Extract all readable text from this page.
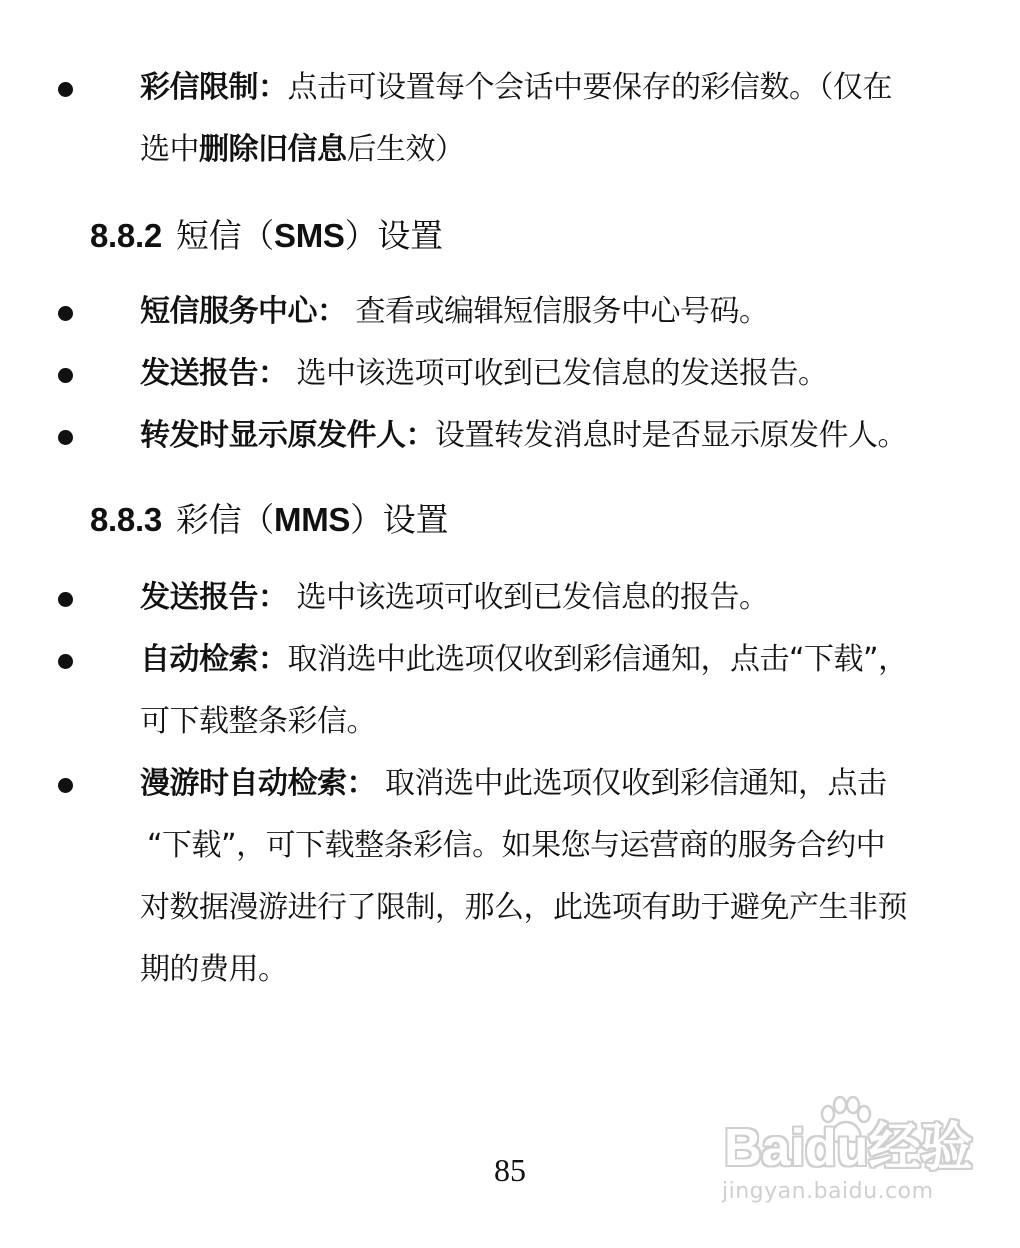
彩信限制：点击可设置每个会话中要保存的彩信数。（仅在
选中删除旧信息后生效）
8.8.2 短信（SMS）设置
短信服务中心： 查看或编辑短信服务中心号码。
发送报告： 选中该选项可收到已发信息的发送报告。
转发时显示原发件人：设置转发消息时是否显示原发件人。
8.8.3 彩信（MMS）设置
发送报告： 选中该选项可收到已发信息的报告。
自动检索：取消选中此选项仅收到彩信通知，点击“下载”，
可下载整条彩信。
漫游时自动检索： 取消选中此选项仅收到彩信通知，点击
“下载”，可下载整条彩信。如果您与运营商的服务合约中
对数据漫游进行了限制，那么，此选项有助于避免产生非预
期的费用。
85	Baidu经验
jingyan.baidu.com
